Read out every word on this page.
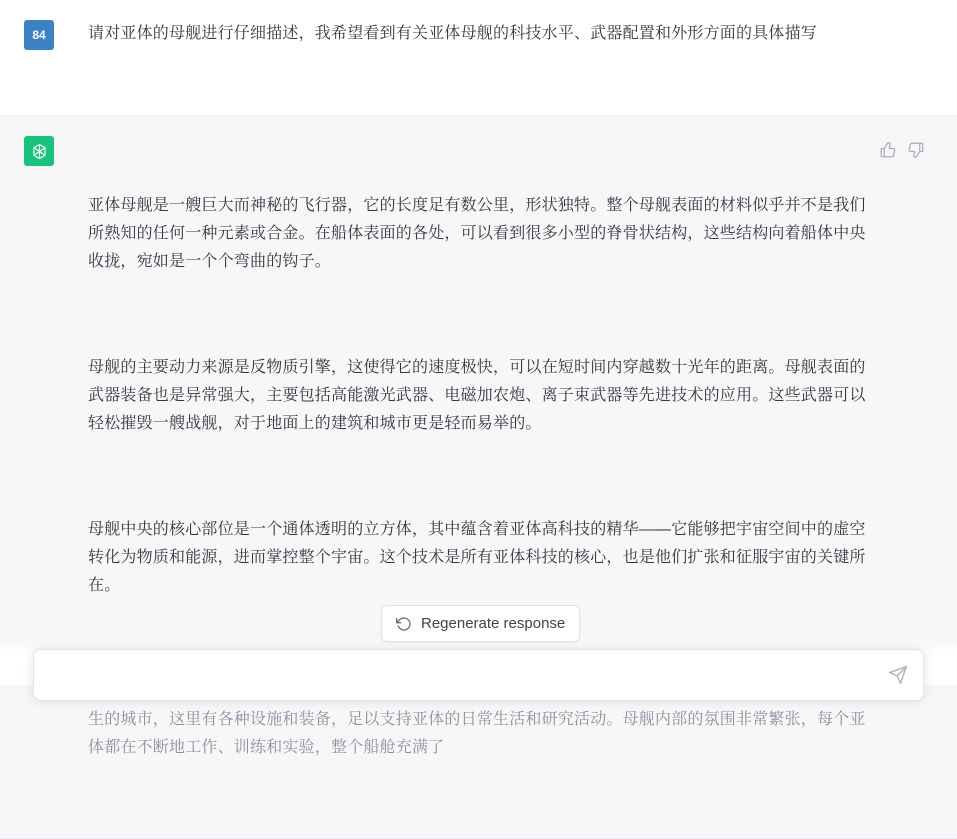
84	请对亚体的母舰进行仔细描述，我希望看到有关亚体母舰的科技水平、武器配置和外形方面的具体描写

亚体母舰是一艘巨大而神秘的飞行器，它的长度足有数公里，形状独特。整个母舰表面的材料似乎并不是我们所熟知的任何一种元素或合金。在船体表面的各处，可以看到很多小型的脊骨状结构，这些结构向着船体中央收拢，宛如是一个个弯曲的钩子。

母舰的主要动力来源是反物质引擎，这使得它的速度极快，可以在短时间内穿越数十光年的距离。母舰表面的武器装备也是异常强大，主要包括高能激光武器、电磁加农炮、离子束武器等先进技术的应用。这些武器可以轻松摧毁一艘战舰，对于地面上的建筑和城市更是轻而易举的。

母舰中央的核心部位是一个通体透明的立方体，其中蕴含着亚体高科技的精华——它能够把宇宙空间中的虚空转化为物质和能源，进而掌控整个宇宙。这个技术是所有亚体科技的核心，也是他们扩张和征服宇宙的关键所在。

生的城市，这里有各种设施和装备，足以支持亚体的日常生活和研究活动。母舰内部的氛围非常繁张，每个亚体都在不断地工作、训练和实验，整个船舱充满了

Regenerate response
